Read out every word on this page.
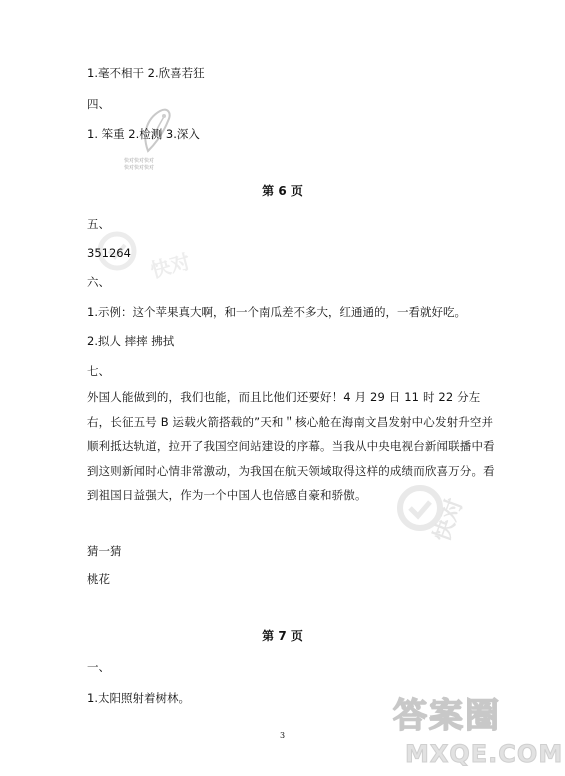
快对
快对
快对快对快对
快对快对快对
1.毫不相干 2.欣喜若狂
四、
1. 笨重 2.检测 3.深入
第 6 页
五、
351264
六、
1.示例：这个苹果真大啊，和一个南瓜差不多大，红通通的，一看就好吃。
2.拟人 摔摔 拂拭
七、
外国人能做到的，我们也能，而且比他们还要好！4 月 29 日 11 时 22 分左右，长征五号 B 运载火箭搭载的”天和＂核心舱在海南文昌发射中心发射升空并顺利抵达轨道，拉开了我国空间站建设的序幕。当我从中央电视台新闻联播中看到这则新闻时心情非常激动，为我国在航天领域取得这样的成绩而欣喜万分。看到祖国日益强大，作为一个中国人也倍感自豪和骄傲。
猜一猜
桃花
第 7 页
一、
1.太阳照射着树林。
3	答案圈
MXQE.COM
